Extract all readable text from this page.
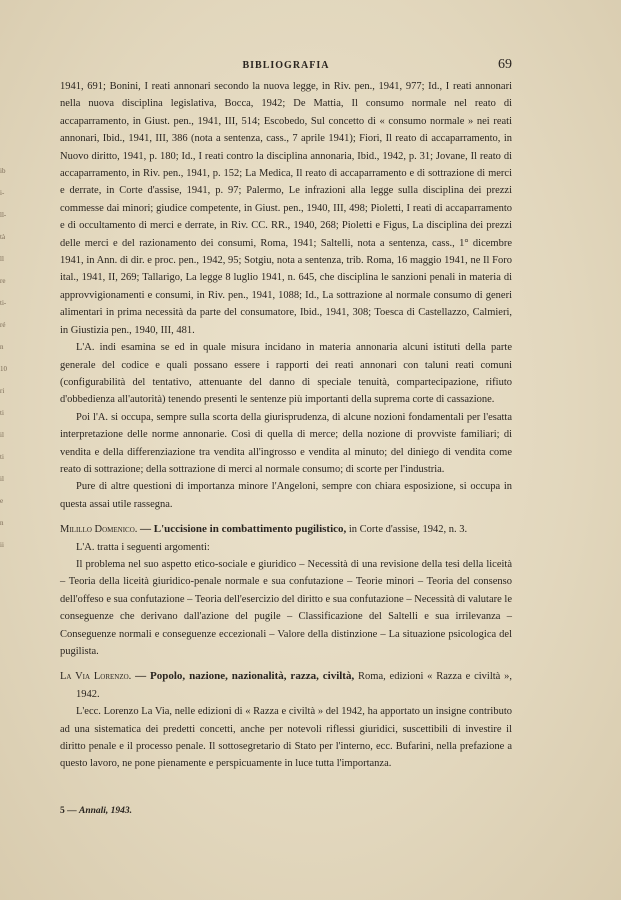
ib
i-
ll-
tà
ll
re
ti-
ré
n
10
ri
ti
il
ti
il
e
n
ii
BIBLIOGRAFIA	69

1941, 691; Bonini, I reati annonari secondo la nuova legge, in Riv. pen., 1941, 977; Id., I reati annonari nella nuova disciplina legislativa, Bocca, 1942; De Mattia, Il consumo normale nel reato di accaparramento, in Giust. pen., 1941, III, 514; Escobedo, Sul concetto di « consumo normale » nei reati annonari, Ibid., 1941, III, 386 (nota a sentenza, cass., 7 aprile 1941); Fiori, Il reato di accaparramento, in Nuovo diritto, 1941, p. 180; Id., I reati contro la disciplina annonaria, Ibid., 1942, p. 31; Jovane, Il reato di accaparramento, in Riv. pen., 1941, p. 152; La Medica, Il reato di accaparramento e di sottrazione di merci e derrate, in Corte d'assise, 1941, p. 97; Palermo, Le infrazioni alla legge sulla disciplina dei prezzi commesse dai minori; giudice competente, in Giust. pen., 1940, III, 498; Pioletti, I reati di accaparramento e di occultamento di merci e derrate, in Riv. CC. RR., 1940, 268; Pioletti e Figus, La disciplina dei prezzi delle merci e del razionamento dei consumi, Roma, 1941; Saltelli, nota a sentenza, cass., 1° dicembre 1941, in Ann. di dir. e proc. pen., 1942, 95; Sotgiu, nota a sentenza, trib. Roma, 16 maggio 1941, ne Il Foro ital., 1941, II, 269; Tallarigo, La legge 8 luglio 1941, n. 645, che disciplina le sanzioni penali in materia di approvvigionamenti e consumi, in Riv. pen., 1941, 1088; Id., La sottrazione al normale consumo di generi alimentari in prima necessità da parte del consumatore, Ibid., 1941, 308; Toesca di Castellazzo, Calmieri, in Giustizia pen., 1940, III, 481.

L'A. indi esamina se ed in quale misura incidano in materia annonaria alcuni istituti della parte generale del codice e quali possano essere i rapporti dei reati annonari con taluni reati comuni (configurabilità del tentativo, attenuante del danno di speciale tenuità, compartecipazione, rifiuto d'obbedienza all'autorità) tenendo presenti le sentenze più importanti della suprema corte di cassazione.

Poi l'A. si occupa, sempre sulla scorta della giurisprudenza, di alcune nozioni fondamentali per l'esatta interpretazione delle norme annonarie. Così di quella di merce; della nozione di provviste familiari; di vendita e della differenziazione tra vendita all'ingrosso e vendita al minuto; del diniego di vendita come reato di sottrazione; della sottrazione di merci al normale consumo; di scorte per l'industria.

Pure di altre questioni di importanza minore l'Angeloni, sempre con chiara esposizione, si occupa in questa assai utile rassegna.

Milillo Domenico. — L'uccisione in combattimento pugilistico, in Corte d'assise, 1942, n. 3.

L'A. tratta i seguenti argomenti:

Il problema nel suo aspetto etico-sociale e giuridico – Necessità di una revisione della tesi della liceità – Teoria della liceità giuridico-penale normale e sua confutazione – Teorie minori – Teoria del consenso dell'offeso e sua confutazione – Teoria dell'esercizio del diritto e sua confutazione – Necessità di valutare le conseguenze che derivano dall'azione del pugile – Classificazione del Saltelli e sua irrilevanza – Conseguenze normali e conseguenze eccezionali – Valore della distinzione – La situazione psicologica del pugilista.

La Via Lorenzo. — Popolo, nazione, nazionalità, razza, civiltà, Roma, edizioni « Razza e civiltà », 1942.

L'ecc. Lorenzo La Via, nelle edizioni di « Razza e civiltà » del 1942, ha apportato un insigne contributo ad una sistematica dei predetti concetti, anche per notevoli riflessi giuridici, suscettibili di investire il diritto penale e il processo penale. Il sottosegretario di Stato per l'interno, ecc. Bufarini, nella prefazione a questo lavoro, ne pone pienamente e perspicuamente in luce tutta l'importanza.

5 — Annali, 1943.
